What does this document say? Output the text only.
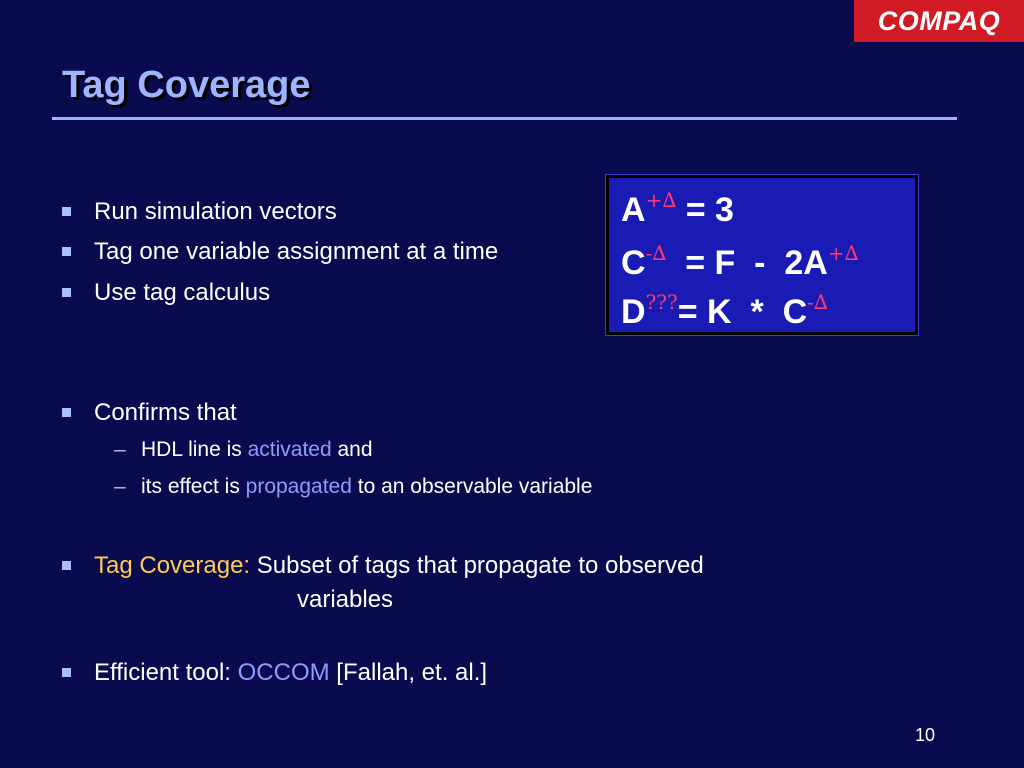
COMPAQ
Tag Coverage
A+∆ = 3
C-∆  = F  -  2A+∆
D???= K  *  C-∆
Run simulation vectors
Tag one variable assignment at a time
Use tag calculus
Confirms that
– HDL line is activated and
– its effect is propagated to an observable variable
Tag Coverage: Subset of tags that propagate to observed
variables
Efficient tool: OCCOM [Fallah, et. al.]
10
